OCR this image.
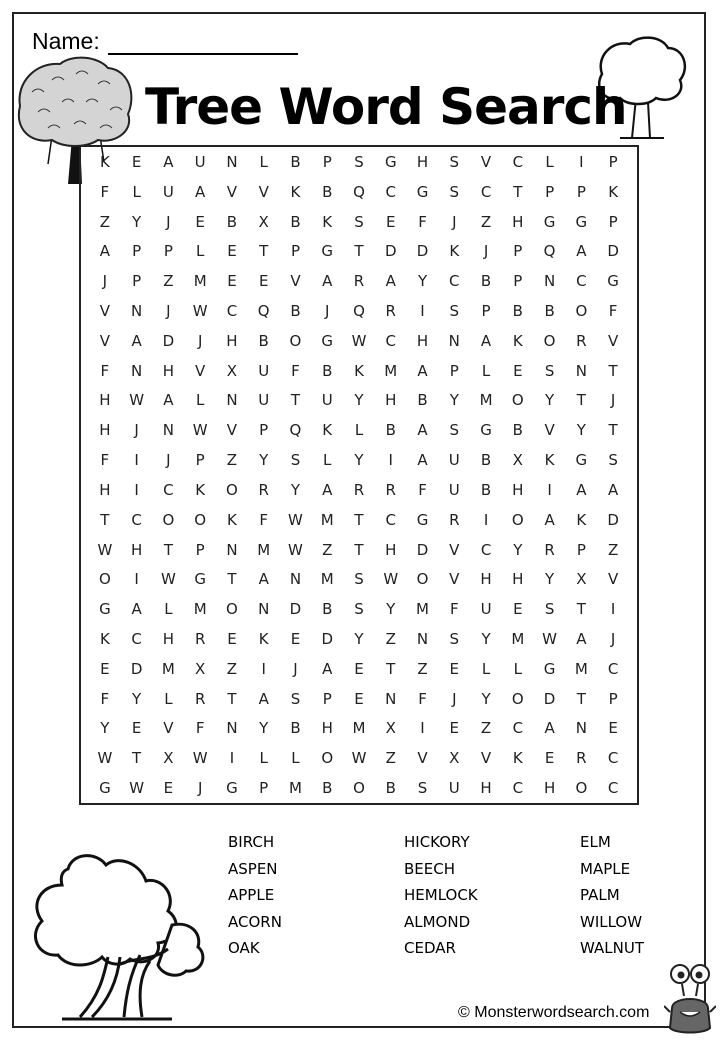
Name:
Tree Word Search
K	E	A	U	N	L	B	P	S	G	H	S	V	C	L	I	P
F	L	U	A	V	V	K	B	Q	C	G	S	C	T	P	P	K
Z	Y	J	E	B	X	B	K	S	E	F	J	Z	H	G	G	P
A	P	P	L	E	T	P	G	T	D	D	K	J	P	Q	A	D
J	P	Z	M	E	E	V	A	R	A	Y	C	B	P	N	C	G
V	N	J	W	C	Q	B	J	Q	R	I	S	P	B	B	O	F
V	A	D	J	H	B	O	G	W	C	H	N	A	K	O	R	V
F	N	H	V	X	U	F	B	K	M	A	P	L	E	S	N	T
H	W	A	L	N	U	T	U	Y	H	B	Y	M	O	Y	T	J
H	J	N	W	V	P	Q	K	L	B	A	S	G	B	V	Y	T
F	I	J	P	Z	Y	S	L	Y	I	A	U	B	X	K	G	S
H	I	C	K	O	R	Y	A	R	R	F	U	B	H	I	A	A
T	C	O	O	K	F	W	M	T	C	G	R	I	O	A	K	D
W	H	T	P	N	M	W	Z	T	H	D	V	C	Y	R	P	Z
O	I	W	G	T	A	N	M	S	W	O	V	H	H	Y	X	V
G	A	L	M	O	N	D	B	S	Y	M	F	U	E	S	T	I
K	C	H	R	E	K	E	D	Y	Z	N	S	Y	M	W	A	J
E	D	M	X	Z	I	J	A	E	T	Z	E	L	L	G	M	C
F	Y	L	R	T	A	S	P	E	N	F	J	Y	O	D	T	P
Y	E	V	F	N	Y	B	H	M	X	I	E	Z	C	A	N	E
W	T	X	W	I	L	L	O	W	Z	V	X	V	K	E	R	C
G	W	E	J	G	P	M	B	O	B	S	U	H	C	H	O	C
BIRCH
ASPEN
APPLE
ACORN
OAK
HICKORY
BEECH
HEMLOCK
ALMOND
CEDAR
ELM
MAPLE
PALM
WILLOW
WALNUT
© Monsterwordsearch.com
